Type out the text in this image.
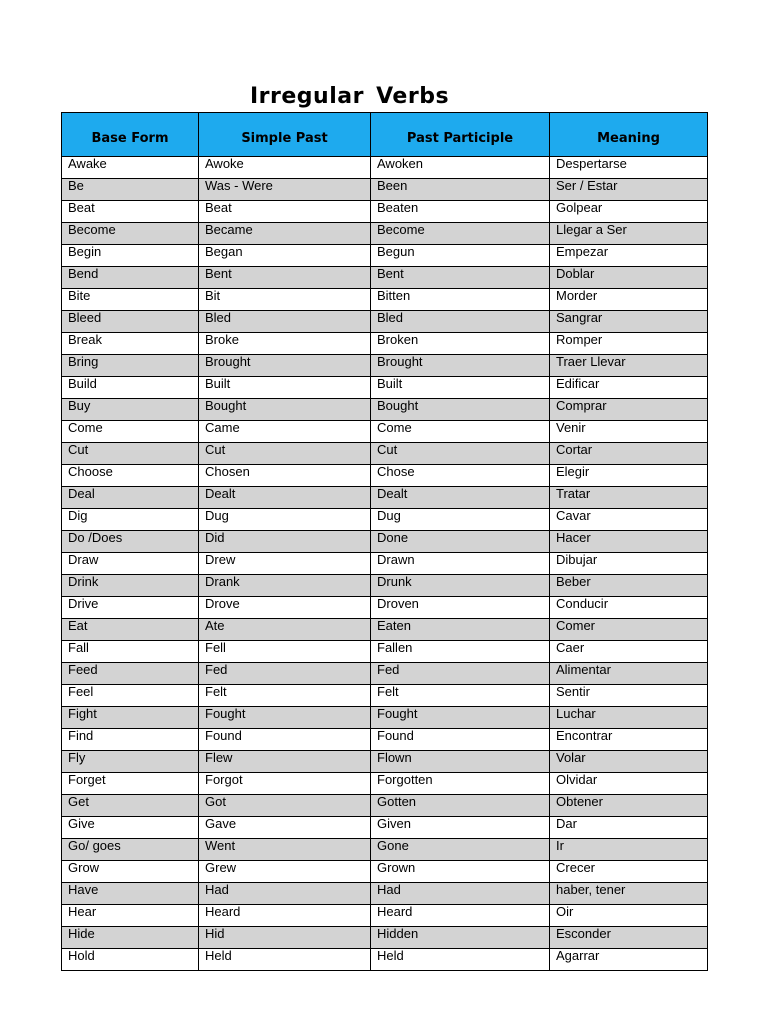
Irregular Verbs
Base Form	Simple Past	Past Participle	Meaning
Awake	Awoke	Awoken	Despertarse
Be	Was - Were	Been	Ser / Estar
Beat	Beat	Beaten	Golpear
Become	Became	Become	Llegar a Ser
Begin	Began	Begun	Empezar
Bend	Bent	Bent	Doblar
Bite	Bit	Bitten	Morder
Bleed	Bled	Bled	Sangrar
Break	Broke	Broken	Romper
Bring	Brought	Brought	Traer Llevar
Build	Built	Built	Edificar
Buy	Bought	Bought	Comprar
Come	Came	Come	Venir
Cut	Cut	Cut	Cortar
Choose	Chosen	Chose	Elegir
Deal	Dealt	Dealt	Tratar
Dig	Dug	Dug	Cavar
Do /Does	Did	Done	Hacer
Draw	Drew	Drawn	Dibujar
Drink	Drank	Drunk	Beber
Drive	Drove	Droven	Conducir
Eat	Ate	Eaten	Comer
Fall	Fell	Fallen	Caer
Feed	Fed	Fed	Alimentar
Feel	Felt	Felt	Sentir
Fight	Fought	Fought	Luchar
Find	Found	Found	Encontrar
Fly	Flew	Flown	Volar
Forget	Forgot	Forgotten	Olvidar
Get	Got	Gotten	Obtener
Give	Gave	Given	Dar
Go/ goes	Went	Gone	Ir
Grow	Grew	Grown	Crecer
Have	Had	Had	haber, tener
Hear	Heard	Heard	Oir
Hide	Hid	Hidden	Esconder
Hold	Held	Held	Agarrar
